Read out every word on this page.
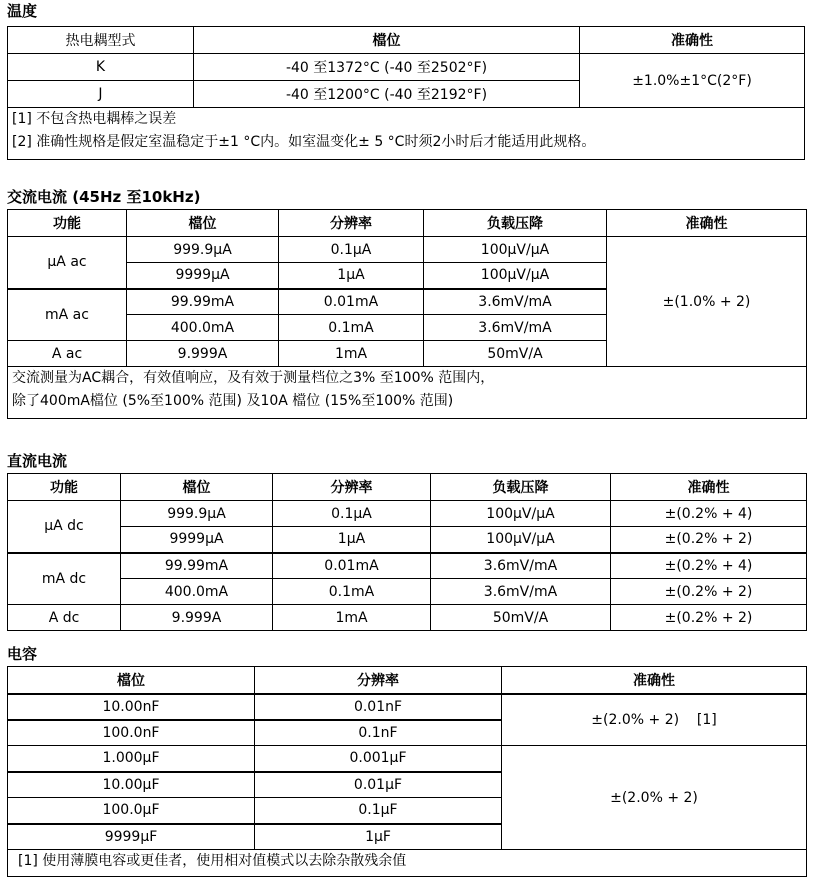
温度
热电耦型式	檔位	准确性
K	-40 至1372°C (-40 至2502°F)	±1.0%±1°C(2°F)
J	-40 至1200°C (-40 至2192°F)	

[1] 不包含热电耦棒之误差
[2] 准确性规格是假定室温稳定于±1 °C内。如室温变化± 5 °C时须2小时后才能适用此规格。		
交流电流 (45Hz 至10kHz)
功能	檔位	分辨率	负载压降	准确性
μA ac	999.9μA	0.1μA	100μV/μA	±(1.0% + 2)
	9999μA	1μA	100μV/μA	
mA ac	99.99mA	0.01mA	3.6mV/mA	
	400.0mA	0.1mA	3.6mV/mA	
A ac	9.999A	1mA	50mV/A	

交流测量为AC耦合，有效值响应，及有效于测量档位之3% 至100% 范围内，
除了400mA檔位 (5%至100% 范围) 及10A 檔位 (15%至100% 范围)				
直流电流
功能	檔位	分辨率	负载压降	准确性
μA dc	999.9μA	0.1μA	100μV/μA	±(0.2% + 4)
	9999μA	1μA	100μV/μA	±(0.2% + 2)
mA dc	99.99mA	0.01mA	3.6mV/mA	±(0.2% + 4)
	400.0mA	0.1mA	3.6mV/mA	±(0.2% + 2)
A dc	9.999A	1mA	50mV/A	±(0.2% + 2)
电容
檔位	分辨率	准确性
10.00nF	0.01nF	±(2.0% + 2)    [1]
100.0nF	0.1nF	
1.000μF	0.001μF	±(2.0% + 2)
10.00μF	0.01μF	
100.0μF	0.1μF	
9999μF	1μF	
[1] 使用薄膜电容或更佳者，使用相对值模式以去除杂散残余值		
